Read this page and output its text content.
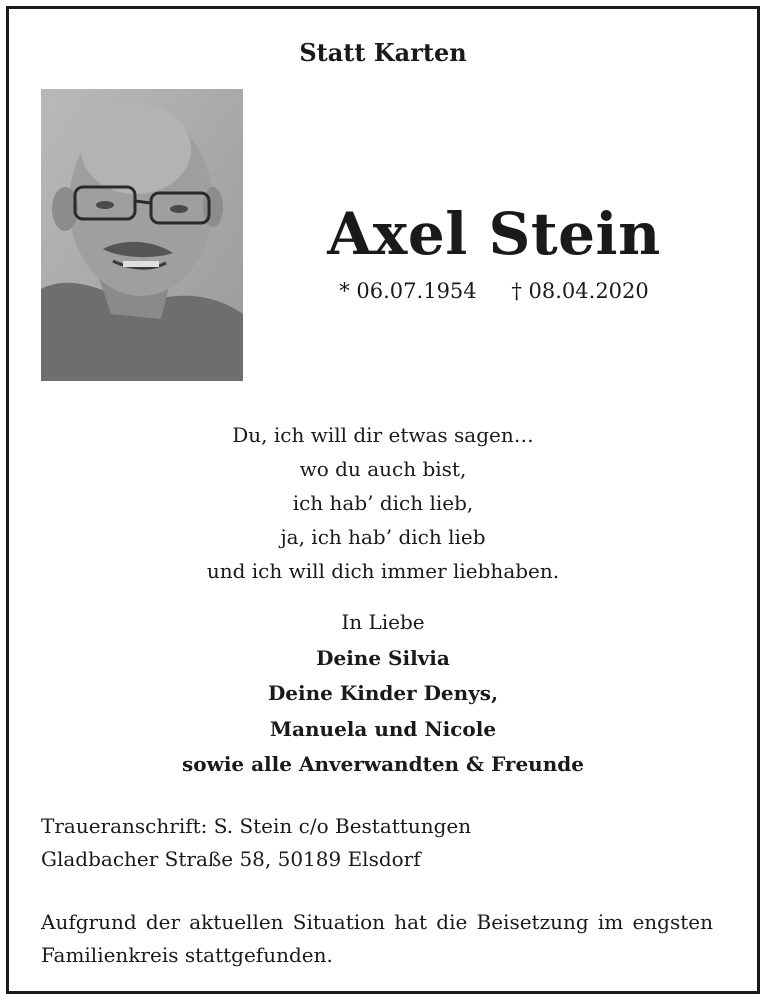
Statt Karten
Axel Stein
* 06.07.1954 † 08.04.2020
Du, ich will dir etwas sagen…
wo du auch bist,
ich hab’ dich lieb,
ja, ich hab’ dich lieb
und ich will dich immer liebhaben.
In Liebe
Deine Silvia
Deine Kinder Denys,
Manuela und Nicole
sowie alle Anverwandten & Freunde
Traueranschrift: S. Stein c/o Bestattungen
Gladbacher Straße 58, 50189 Elsdorf
Aufgrund der aktuellen Situation hat die Beisetzung im engsten Familienkreis stattgefunden.
